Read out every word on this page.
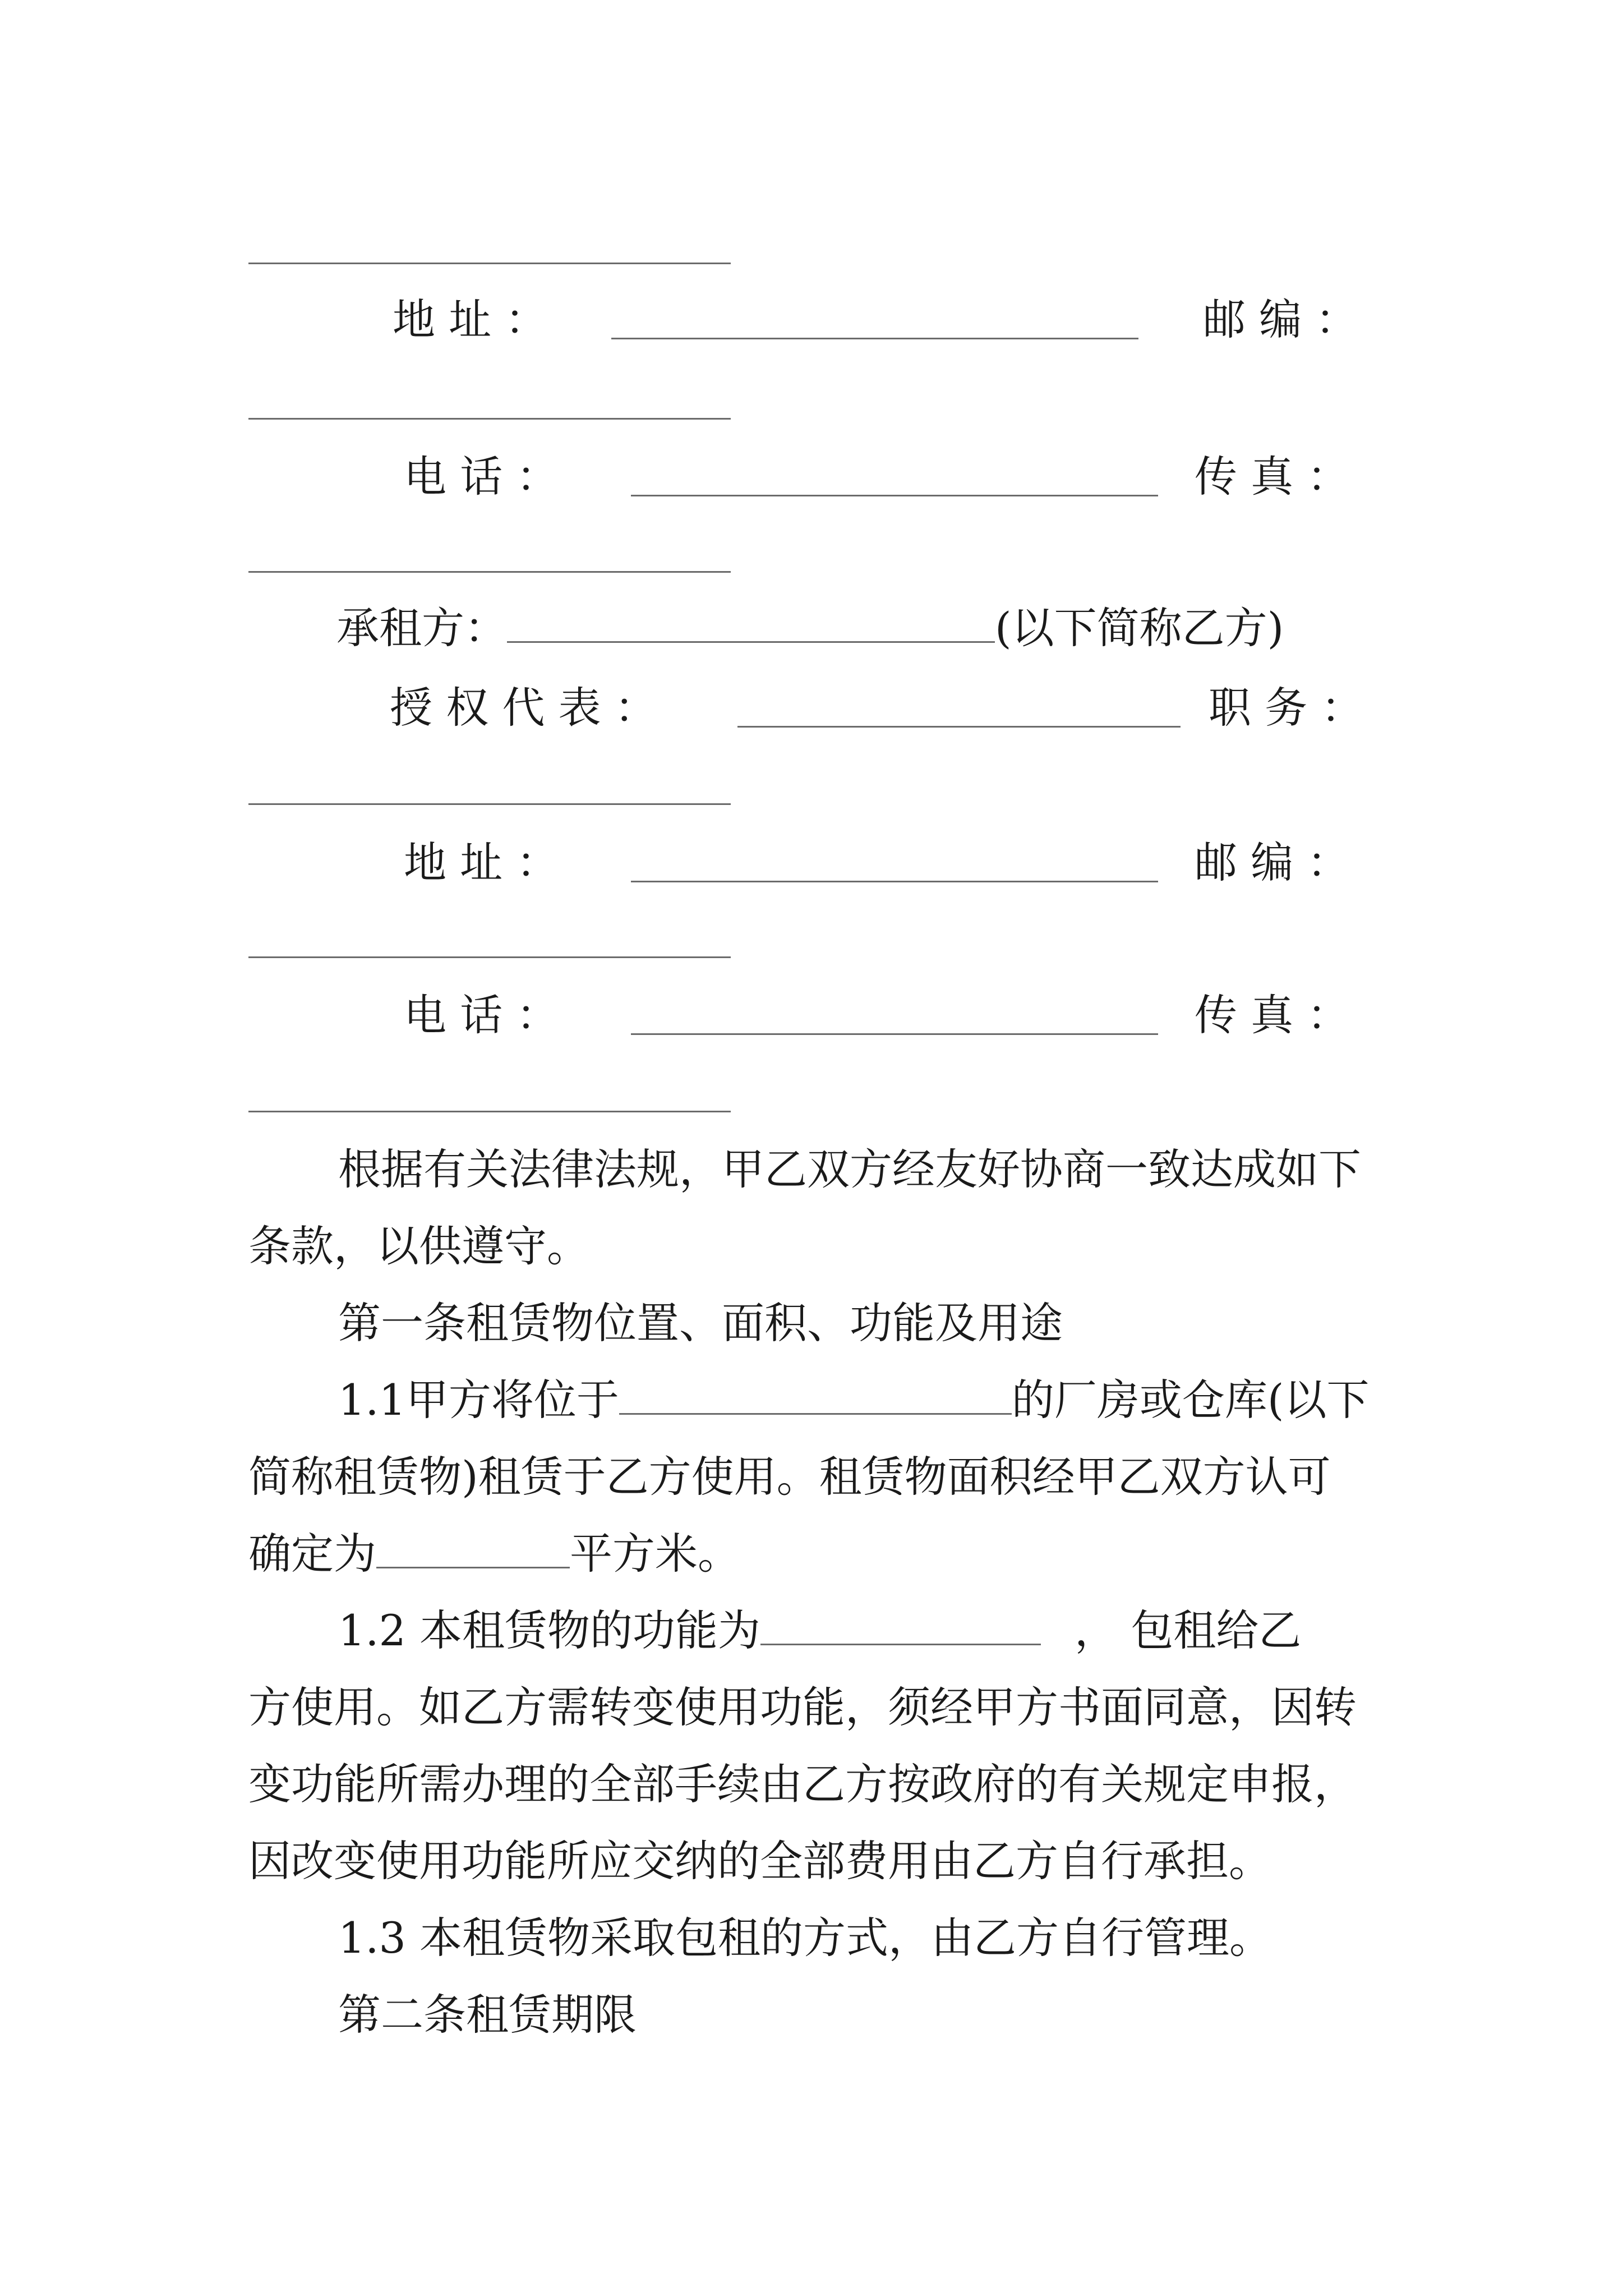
地 址 ：	邮 编 ：
电 话 ：	传 真 ：
承租方：	(以下简称乙方)
授 权 代 表 ：	职 务 ：
地 址 ：	邮 编 ：
电 话 ：	传 真 ：
根据有关法律法规，甲乙双方经友好协商一致达成如下
条款，以供遵守。
第一条租赁物位置、面积、功能及用途
1.1甲方将位于	的厂房或仓库(以下
简称租赁物)租赁于乙方使用。租赁物面积经甲乙双方认可
确定为	平方米。
1.2 本租赁物的功能为	， 包租给乙
方使用。如乙方需转变使用功能，须经甲方书面同意，因转
变功能所需办理的全部手续由乙方按政府的有关规定申报，
因改变使用功能所应交纳的全部费用由乙方自行承担。
1.3 本租赁物采取包租的方式，由乙方自行管理。
第二条租赁期限
